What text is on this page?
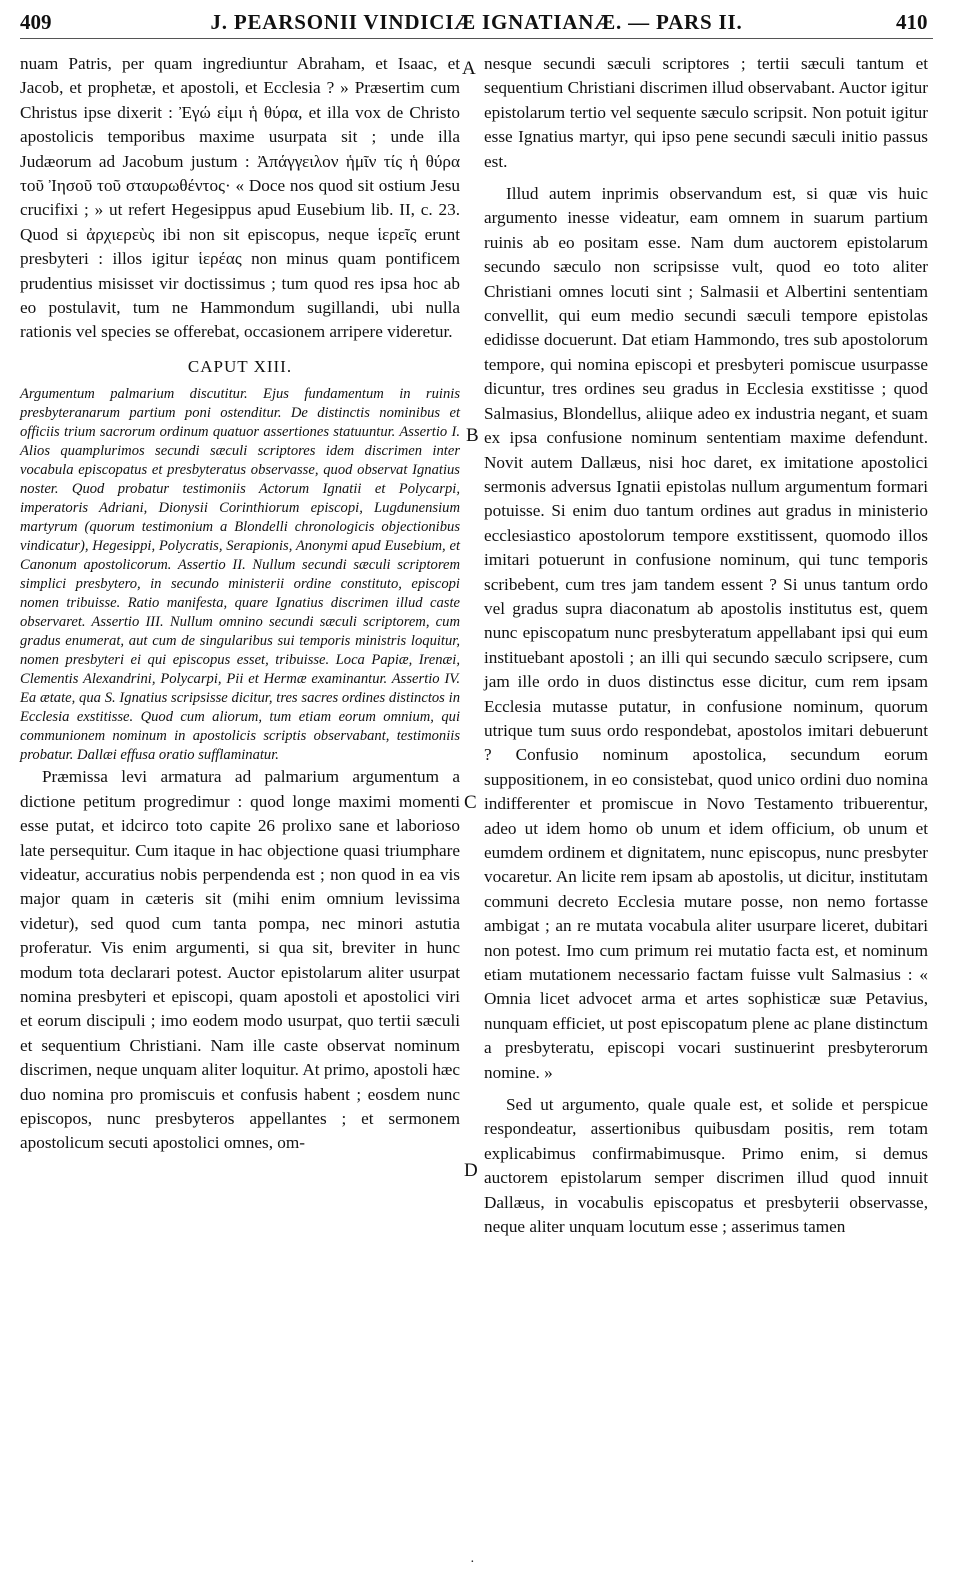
409	J. PEARSONII VINDICIÆ IGNATIANÆ. — PARS II.	410
A
B
C
D

nuam Patris, per quam ingrediuntur Abraham, et Isaac, et Jacob, et prophetæ, et apostoli, et Ecclesia ? » Præsertim cum Christus ipse dixerit : Ἐγώ εἰμι ἡ θύρα, et illa vox de Christo apostolicis temporibus maxime usurpata sit ; unde illa Judæorum ad Jacobum justum : Ἀπάγγειλον ἡμῖν τίς ἡ θύρα τοῦ Ἰησοῦ τοῦ σταυρωθέντος· « Doce nos quod sit ostium Jesu crucifixi ; » ut refert Hegesippus apud Eusebium lib. II, c. 23. Quod si ἀρχιερεὺς ibi non sit episcopus, neque ἱερεῖς erunt presbyteri : illos igitur ἱερέας non minus quam pontificem prudentius misisset vir doctissimus ; tum quod res ipsa hoc ab eo postulavit, tum ne Hammondum sugillandi, ubi nulla rationis vel species se offerebat, occasionem arripere videretur.

CAPUT XIII.

Argumentum palmarium discutitur. Ejus fundamentum in ruinis presbyteranarum partium poni ostenditur. De distinctis nominibus et officiis trium sacrorum ordinum quatuor assertiones statuuntur. Assertio I. Alios quamplurimos secundi sæculi scriptores idem discrimen inter vocabula episcopatus et presbyteratus observasse, quod observat Ignatius noster. Quod probatur testimoniis Actorum Ignatii et Polycarpi, imperatoris Adriani, Dionysii Corinthiorum episcopi, Lugdunensium martyrum (quorum testimonium a Blondelli chronologicis objectionibus vindicatur), Hegesippi, Polycratis, Serapionis, Anonymi apud Eusebium, et Canonum apostolicorum. Assertio II. Nullum secundi sæculi scriptorem simplici presbytero, in secundo ministerii ordine constituto, episcopi nomen tribuisse. Ratio manifesta, quare Ignatius discrimen illud caste observaret. Assertio III. Nullum omnino secundi sæculi scriptorem, cum gradus enumerat, aut cum de singularibus sui temporis ministris loquitur, nomen presbyteri ei qui episcopus esset, tribuisse. Loca Papiæ, Irenæi, Clementis Alexandrini, Polycarpi, Pii et Hermæ examinantur. Assertio IV. Ea ætate, qua S. Ignatius scripsisse dicitur, tres sacres ordines distinctos in Ecclesia exstitisse. Quod cum aliorum, tum etiam eorum omnium, qui communionem nominum in apostolicis scriptis observabant, testimoniis probatur. Dallæi effusa oratio sufflaminatur.

Præmissa levi armatura ad palmarium argumentum a dictione petitum progredimur : quod longe maximi momenti esse putat, et idcirco toto capite 26 prolixo sane et laborioso late persequitur. Cum itaque in hac objectione quasi triumphare videatur, accuratius nobis perpendenda est ; non quod in ea vis major quam in cæteris sit (mihi enim omnium levissima videtur), sed quod cum tanta pompa, nec minori astutia proferatur. Vis enim argumenti, si qua sit, breviter in hunc modum tota declarari potest. Auctor epistolarum aliter usurpat nomina presbyteri et episcopi, quam apostoli et apostolici viri et eorum discipuli ; imo eodem modo usurpat, quo tertii sæculi et sequentium Christiani. Nam ille caste observat nominum discrimen, neque unquam aliter loquitur. At primo, apostoli hæc duo nomina pro promiscuis et confusis habent ; eosdem nunc episcopos, nunc presbyteros appellantes ; et sermonem apostolicum secuti apostolici omnes, om-

nesque secundi sæculi scriptores ; tertii sæculi tantum et sequentium Christiani discrimen illud observabant. Auctor igitur epistolarum tertio vel sequente sæculo scripsit. Non potuit igitur esse Ignatius martyr, qui ipso pene secundi sæculi initio passus est.

Illud autem inprimis observandum est, si quæ vis huic argumento inesse videatur, eam omnem in suarum partium ruinis ab eo positam esse. Nam dum auctorem epistolarum secundo sæculo non scripsisse vult, quod eo toto aliter Christiani omnes locuti sint ; Salmasii et Albertini sententiam convellit, qui eum medio secundi sæculi tempore epistolas edidisse docuerunt. Dat etiam Hammondo, tres sub apostolorum tempore, qui nomina episcopi et presbyteri pomiscue usurpasse dicuntur, tres ordines seu gradus in Ecclesia exstitisse ; quod Salmasius, Blondellus, aliique adeo ex industria negant, et suam ex ipsa confusione nominum sententiam maxime defendunt. Novit autem Dallæus, nisi hoc daret, ex imitatione apostolici sermonis adversus Ignatii epistolas nullum argumentum formari potuisse. Si enim duo tantum ordines aut gradus in ministerio ecclesiastico apostolorum tempore exstitissent, quomodo illos imitari potuerunt in confusione nominum, qui tunc temporis scribebent, cum tres jam tandem essent ? Si unus tantum ordo vel gradus supra diaconatum ab apostolis institutus est, quem nunc episcopatum nunc presbyteratum appellabant ipsi qui eum instituebant apostoli ; an illi qui secundo sæculo scripsere, cum jam ille ordo in duos distinctus esse dicitur, cum rem ipsam Ecclesia mutasse putatur, in confusione nominum, quorum utrique tum suus ordo respondebat, apostolos imitari debuerunt ? Confusio nominum apostolica, secundum eorum suppositionem, in eo consistebat, quod unico ordini duo nomina indifferenter et promiscue in Novo Testamento tribuerentur, adeo ut idem homo ob unum et idem officium, ob unum et eumdem ordinem et dignitatem, nunc episcopus, nunc presbyter vocaretur. An licite rem ipsam ab apostolis, ut dicitur, institutam communi decreto Ecclesia mutare posse, non nemo fortasse ambigat ; an re mutata vocabula aliter usurpare liceret, dubitari non potest. Imo cum primum rei mutatio facta est, et nominum etiam mutationem necessario factam fuisse vult Salmasius : « Omnia licet advocet arma et artes sophisticæ suæ Petavius, nunquam efficiet, ut post episcopatum plene ac plane distinctum a presbyteratu, episcopi vocari sustinuerint presbyterorum nomine. »

Sed ut argumento, quale quale est, et solide et perspicue respondeatur, assertionibus quibusdam positis, rem totam explicabimus confirmabimusque. Primo enim, si demus auctorem epistolarum semper discrimen illud quod innuit Dallæus, in vocabulis episcopatus et presbyterii observasse, neque aliter unquam locutum esse ; asserimus tamen

·
